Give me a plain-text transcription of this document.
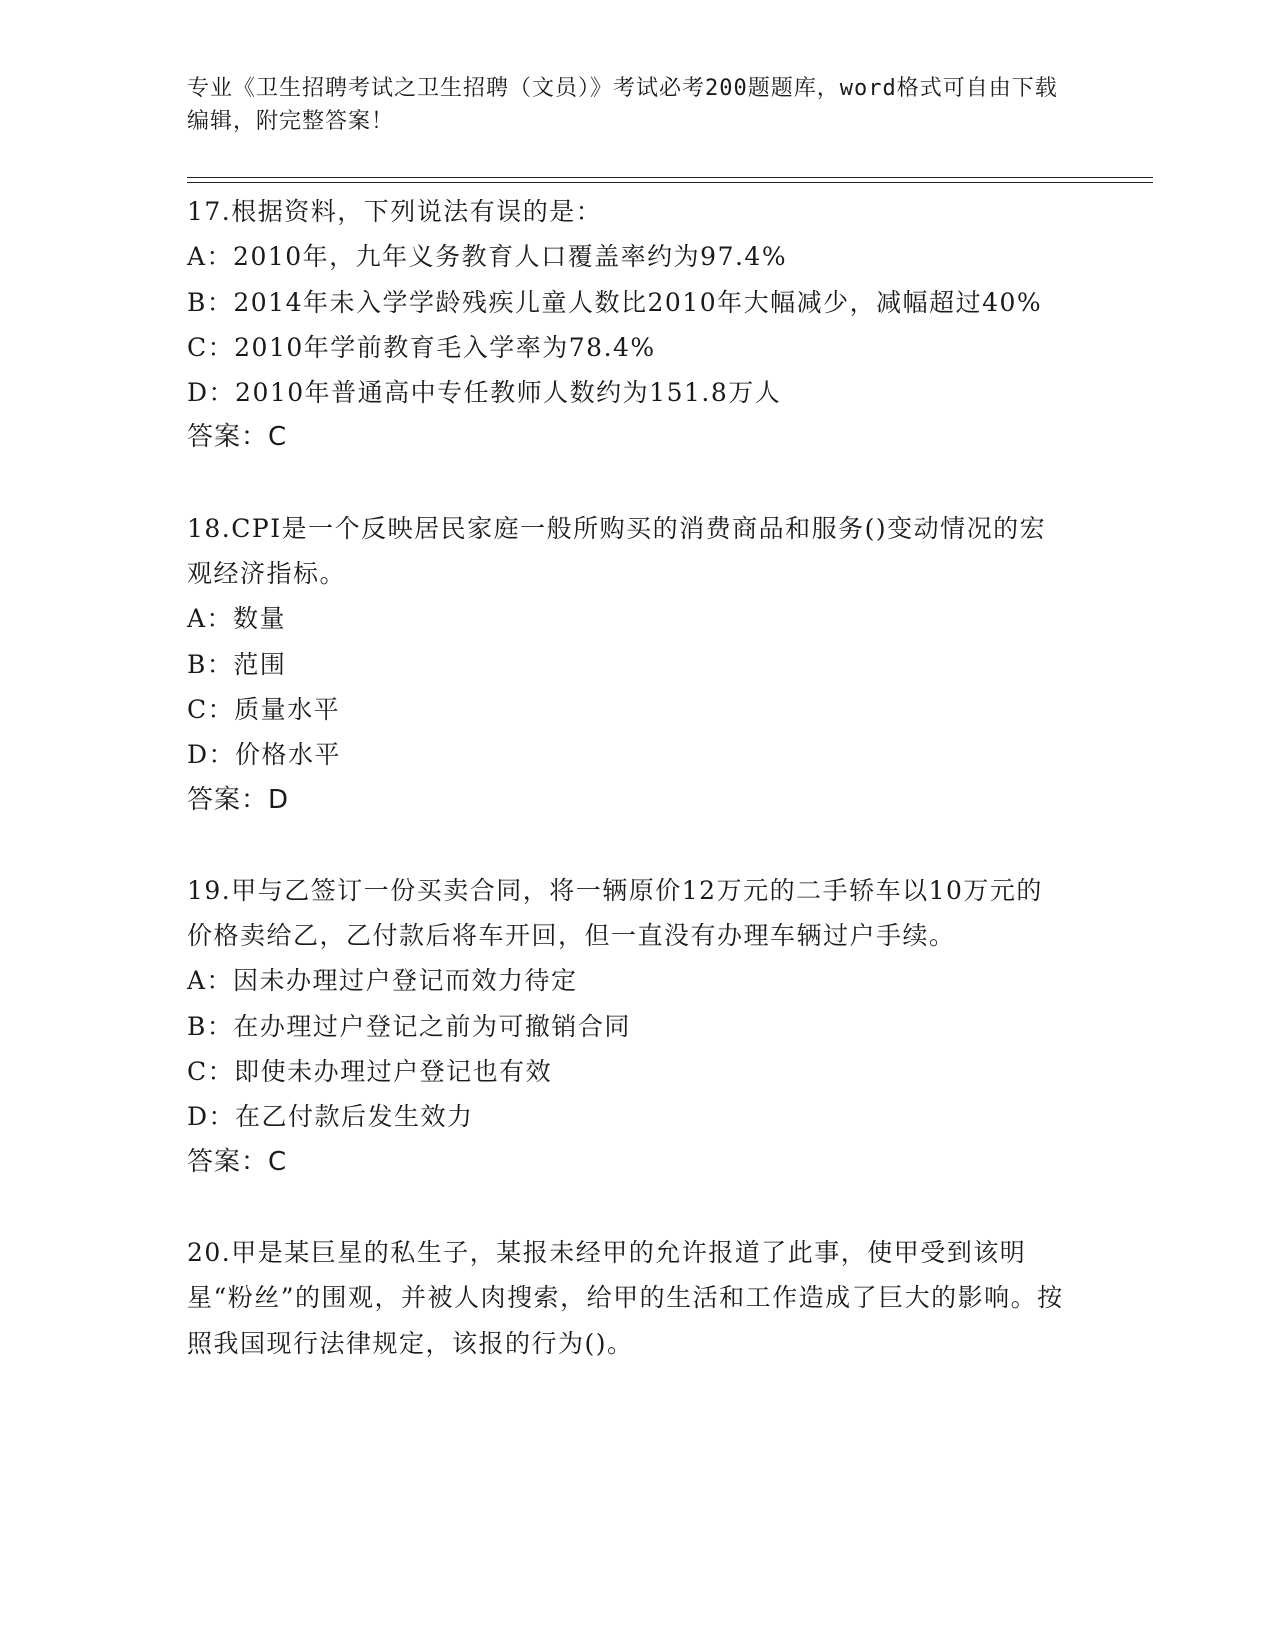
专业《卫生招聘考试之卫生招聘（文员）》考试必考200题题库，word格式可自由下载编辑，附完整答案！

17.根据资料，下列说法有误的是：

A：2010年，九年义务教育人口覆盖率约为97.4%

B：2014年未入学学龄残疾儿童人数比2010年大幅减少，减幅超过40%

C：2010年学前教育毛入学率为78.4%

D：2010年普通高中专任教师人数约为151.8万人

答案：C

18.CPI是一个反映居民家庭一般所购买的消费商品和服务()变动情况的宏观经济指标。

A：数量

B：范围

C：质量水平

D：价格水平

答案：D

19.甲与乙签订一份买卖合同，将一辆原价12万元的二手轿车以10万元的价格卖给乙，乙付款后将车开回，但一直没有办理车辆过户手续。

A：因未办理过户登记而效力待定

B：在办理过户登记之前为可撤销合同

C：即使未办理过户登记也有效

D：在乙付款后发生效力

答案：C

20.甲是某巨星的私生子，某报未经甲的允许报道了此事，使甲受到该明星“粉丝”的围观，并被人肉搜索，给甲的生活和工作造成了巨大的影响。按照我国现行法律规定，该报的行为()。
